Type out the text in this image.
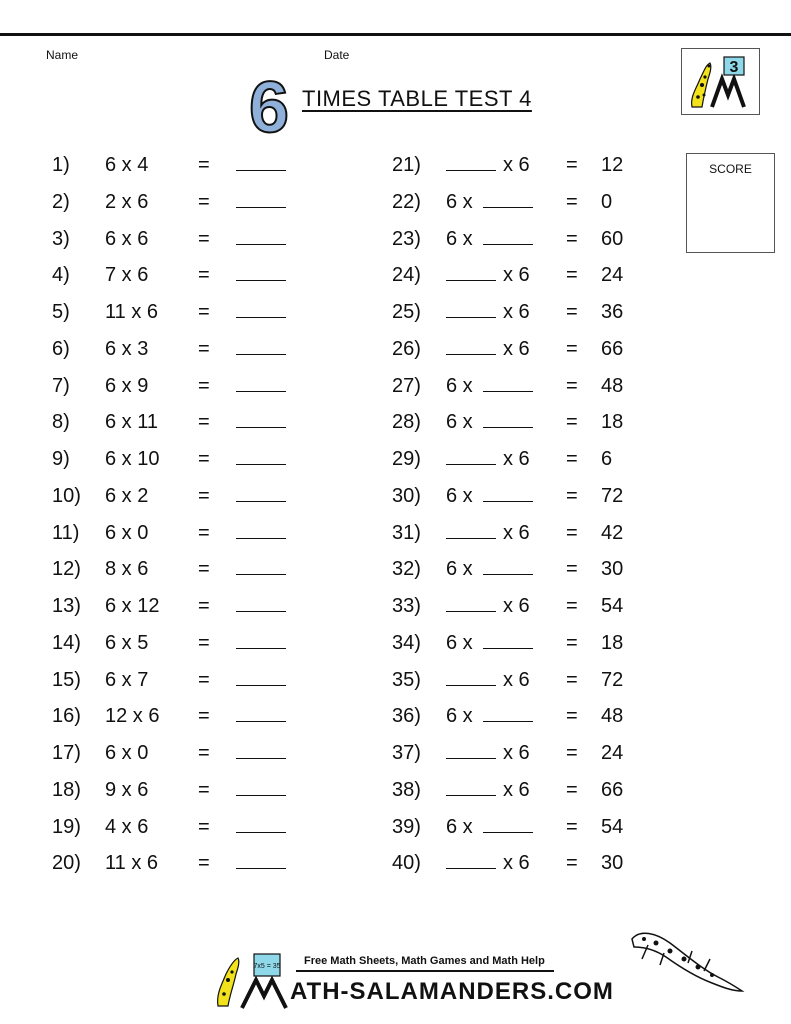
Name	Date
6 TIMES TABLE TEST 4
3
SCORE
1) 6 x 4 =
2) 2 x 6 =
3) 6 x 6 =
4) 7 x 6 =
5) 11 x 6 =
6) 6 x 3 =
7) 6 x 9 =
8) 6 x 11 =
9) 6 x 10 =
10) 6 x 2 =
11) 6 x 0 =
12) 8 x 6 =
13) 6 x 12 =
14) 6 x 5 =
15) 6 x 7 =
16) 12 x 6 =
17) 6 x 0 =
18) 9 x 6 =
19) 4 x 6 =
20) 11 x 6 =
21)	x 6 = 12
22) 6 x	= 0
23) 6 x	= 60
24)	x 6 = 24
25)	x 6 = 36
26)	x 6 = 66
27) 6 x	= 48
28) 6 x	= 18
29)	x 6 = 6
30) 6 x	= 72
31)	x 6 = 42
32) 6 x	= 30
33)	x 6 = 54
34) 6 x	= 18
35)	x 6 = 72
36) 6 x	= 48
37)	x 6 = 24
38)	x 6 = 66
39) 6 x	= 54
40)	x 6 = 30
7x5 = 35 Free Math Sheets, Math Games and Math Help
ATH-SALAMANDERS.COM
